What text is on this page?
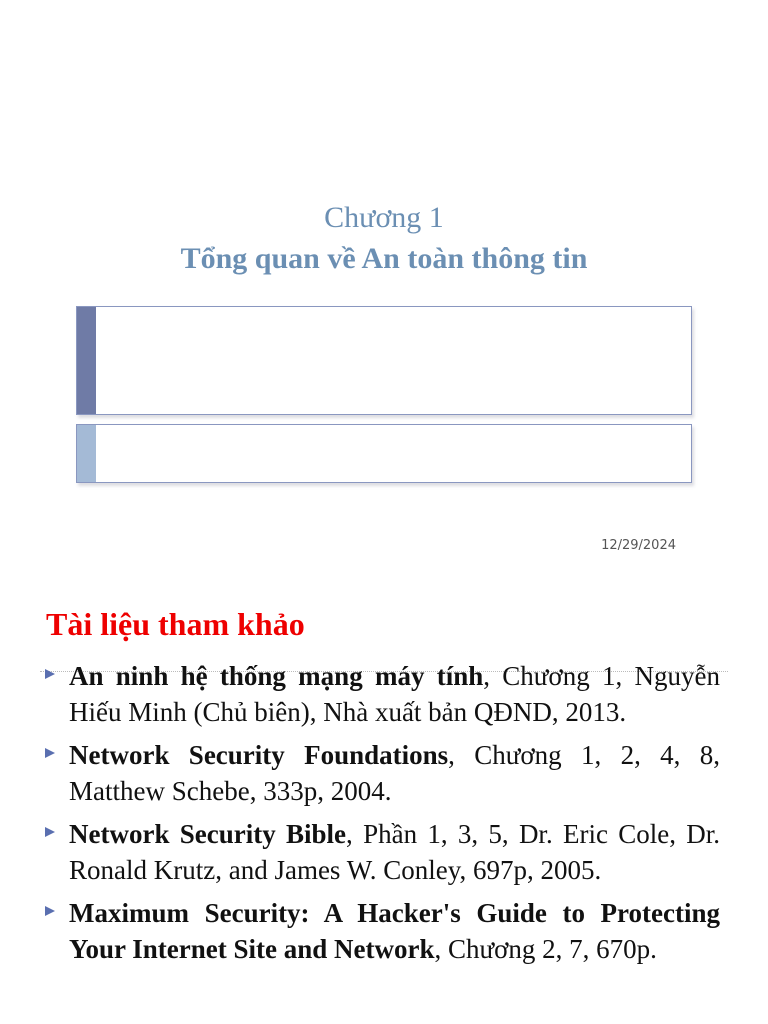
Chương 1
Tổng quan về An toàn thông tin
12/29/2024
Tài liệu tham khảo
An ninh hệ thống mạng máy tính, Chương 1, Nguyễn Hiếu Minh (Chủ biên), Nhà xuất bản QĐND, 2013.
Network Security Foundations, Chương 1, 2, 4, 8, Matthew Schebe, 333p, 2004.
Network Security Bible, Phần 1, 3, 5, Dr. Eric Cole, Dr. Ronald Krutz, and James W. Conley, 697p, 2005.
Maximum Security: A Hacker's Guide to Protecting Your Internet Site and Network, Chương 2, 7, 670p.
